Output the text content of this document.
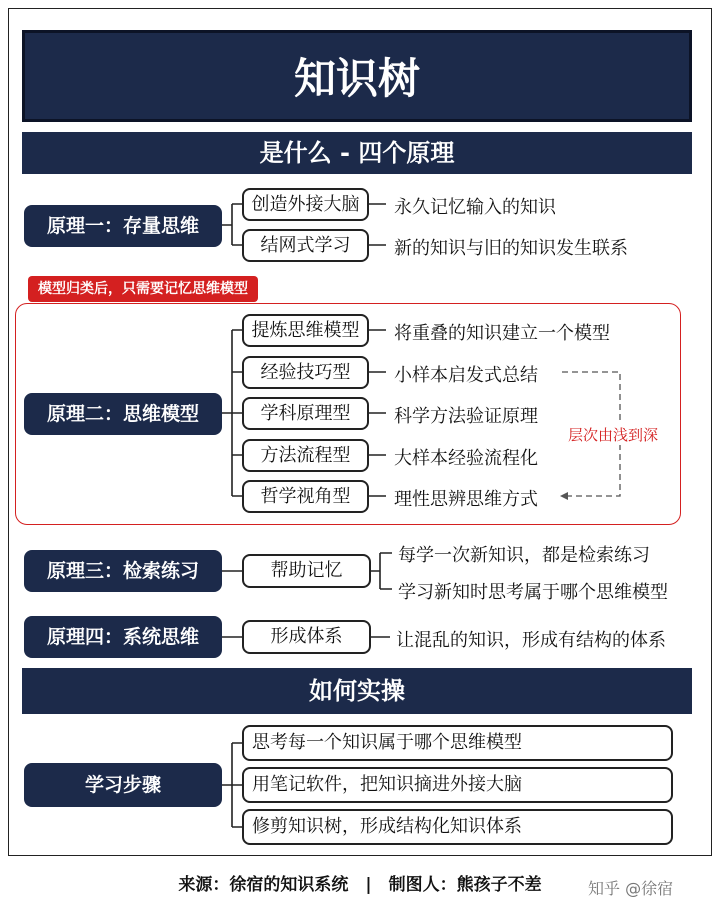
知识树
是什么 - 四个原理
原理一：存量思维
创造外接大脑
结网式学习
永久记忆输入的知识
新的知识与旧的知识发生联系
模型归类后，只需要记忆思维模型
原理二：思维模型
提炼思维模型
经验技巧型
学科原理型
方法流程型
哲学视角型
将重叠的知识建立一个模型
小样本启发式总结
科学方法验证原理
大样本经验流程化
理性思辨思维方式
层次由浅到深
原理三：检索练习	帮助记忆
每学一次新知识，都是检索练习
学习新知时思考属于哪个思维模型
原理四：系统思维	形成体系	让混乱的知识，形成有结构的体系
如何实操
学习步骤
思考每一个知识属于哪个思维模型
用笔记软件，把知识摘进外接大脑
修剪知识树，形成结构化知识体系
来源：徐宿的知识系统　|　制图人：熊孩子不差	知乎 @徐宿
